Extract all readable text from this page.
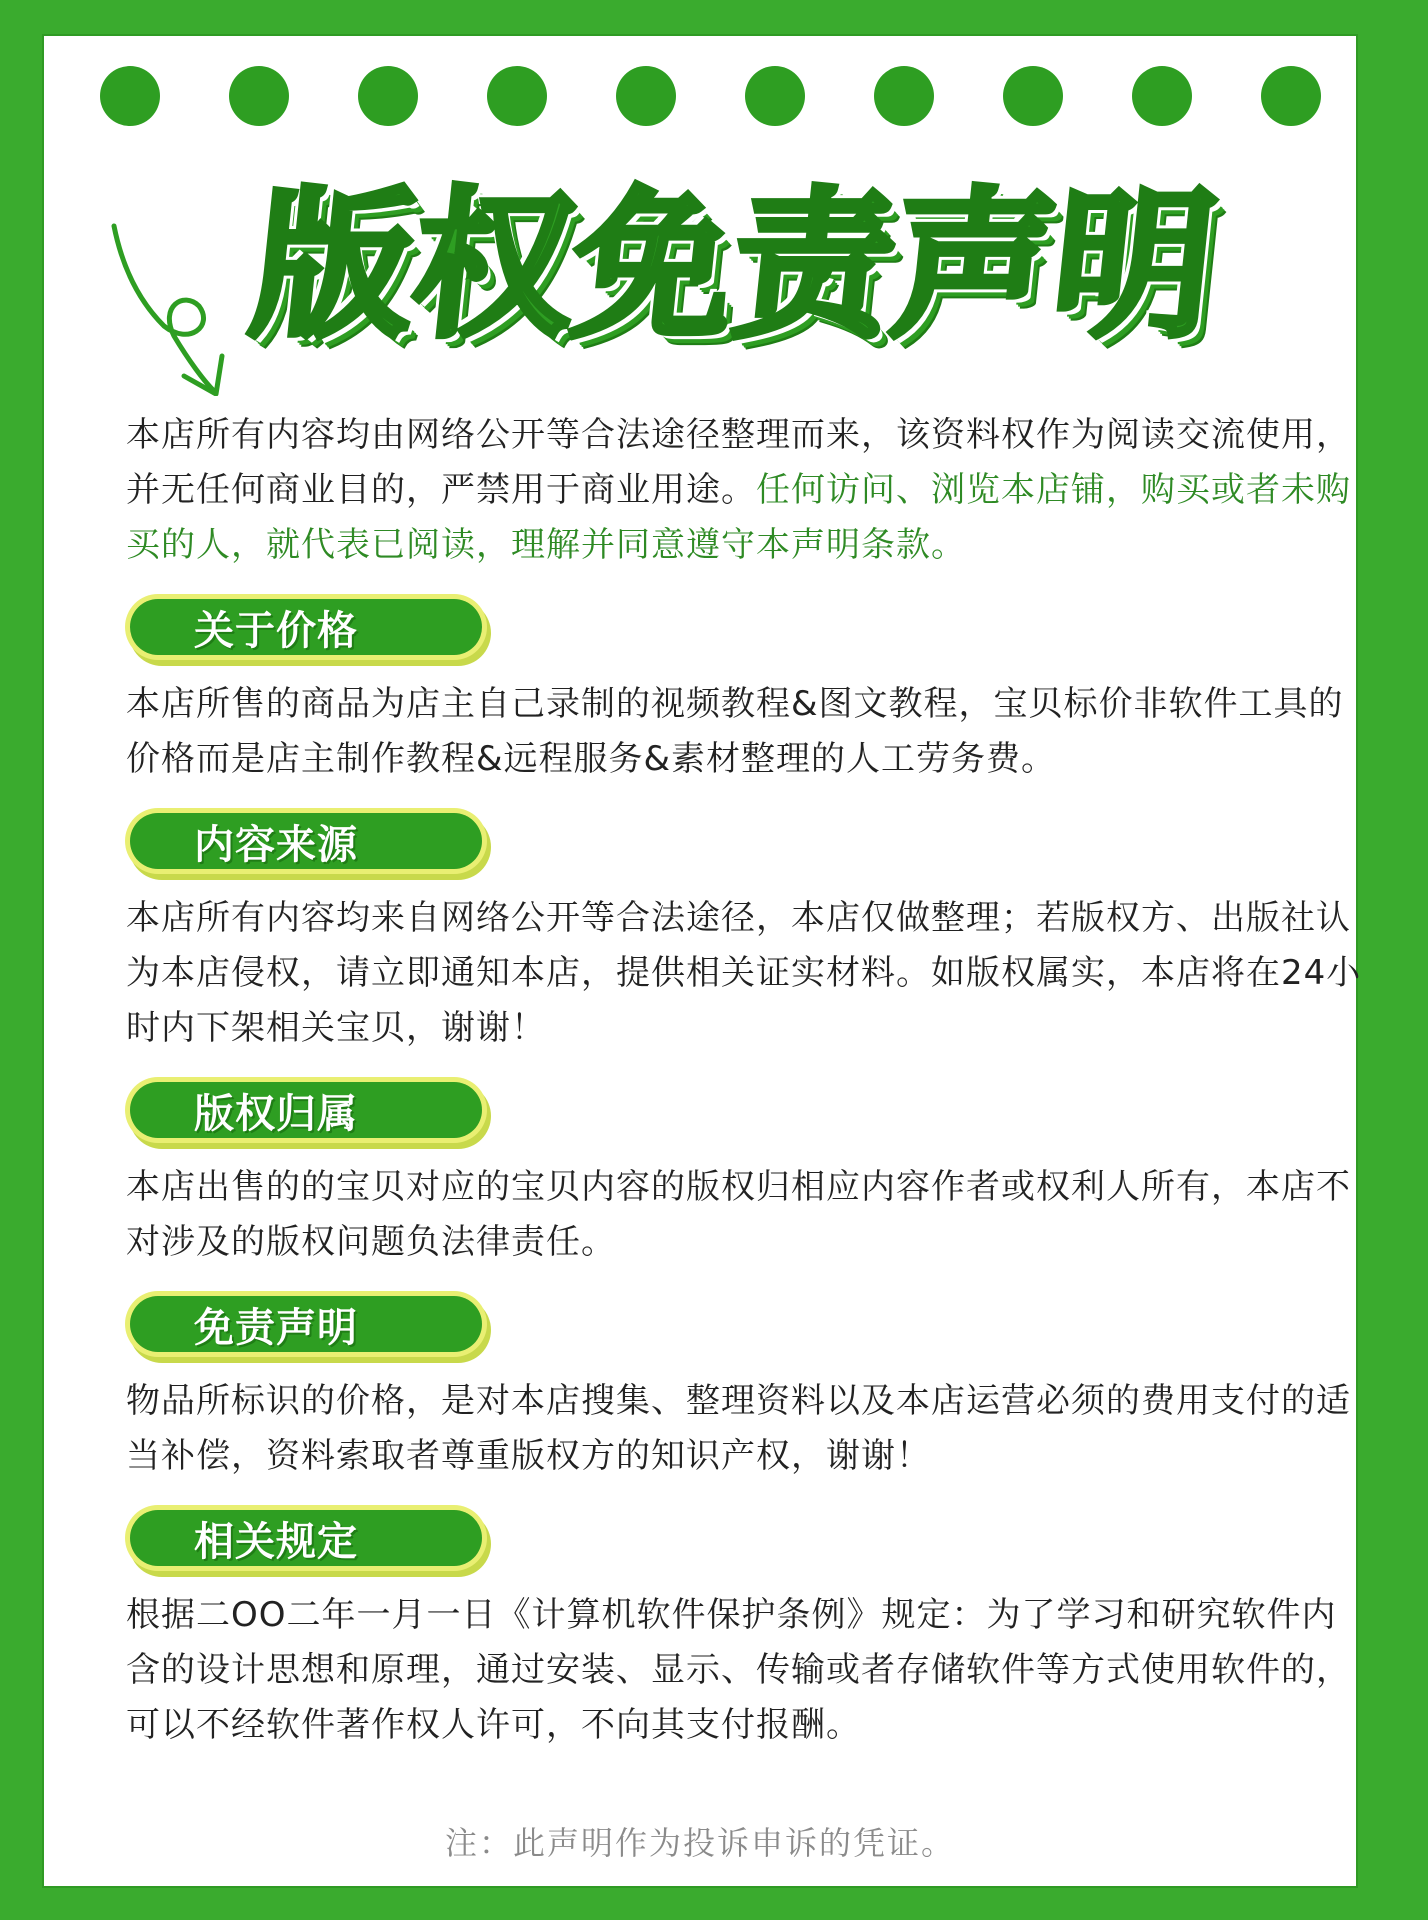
版权免责声明

本店所有内容均由网络公开等合法途径整理而来，该资料权作为阅读交流使用，并无任何商业目的，严禁用于商业用途。任何访问、浏览本店铺，购买或者未购买的人，就代表已阅读，理解并同意遵守本声明条款。

关于价格

本店所售的商品为店主自己录制的视频教程&图文教程，宝贝标价非软件工具的价格而是店主制作教程&远程服务&素材整理的人工劳务费。

内容来源

本店所有内容均来自网络公开等合法途径，本店仅做整理；若版权方、出版社认为本店侵权，请立即通知本店，提供相关证实材料。如版权属实，本店将在24小时内下架相关宝贝，谢谢！

版权归属

本店出售的的宝贝对应的宝贝内容的版权归相应内容作者或权利人所有，本店不对涉及的版权问题负法律责任。

免责声明

物品所标识的价格，是对本店搜集、整理资料以及本店运营必须的费用支付的适当补偿，资料索取者尊重版权方的知识产权，谢谢！

相关规定

根据二OO二年一月一日《计算机软件保护条例》规定：为了学习和研究软件内含的设计思想和原理，通过安装、显示、传输或者存储软件等方式使用软件的，可以不经软件著作权人许可，不向其支付报酬。

注：此声明作为投诉申诉的凭证。
